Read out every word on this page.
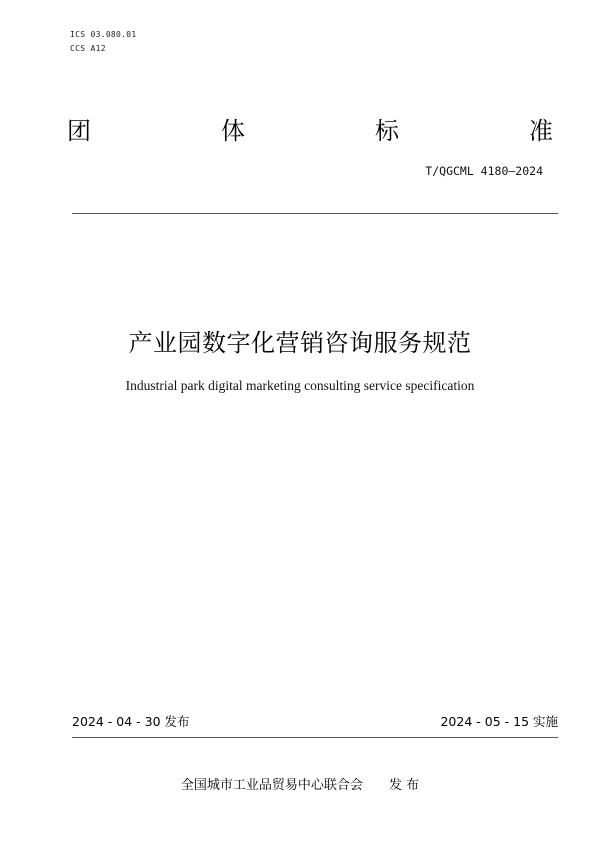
ICS 03.080.01
CCS A12
团	体	标	准
T/QGCML 4180—2024
产业园数字化营销咨询服务规范
Industrial park digital marketing consulting service specification
2024 - 04 - 30 发布	2024 - 05 - 15 实施
全国城市工业品贸易中心联合会 发 布
